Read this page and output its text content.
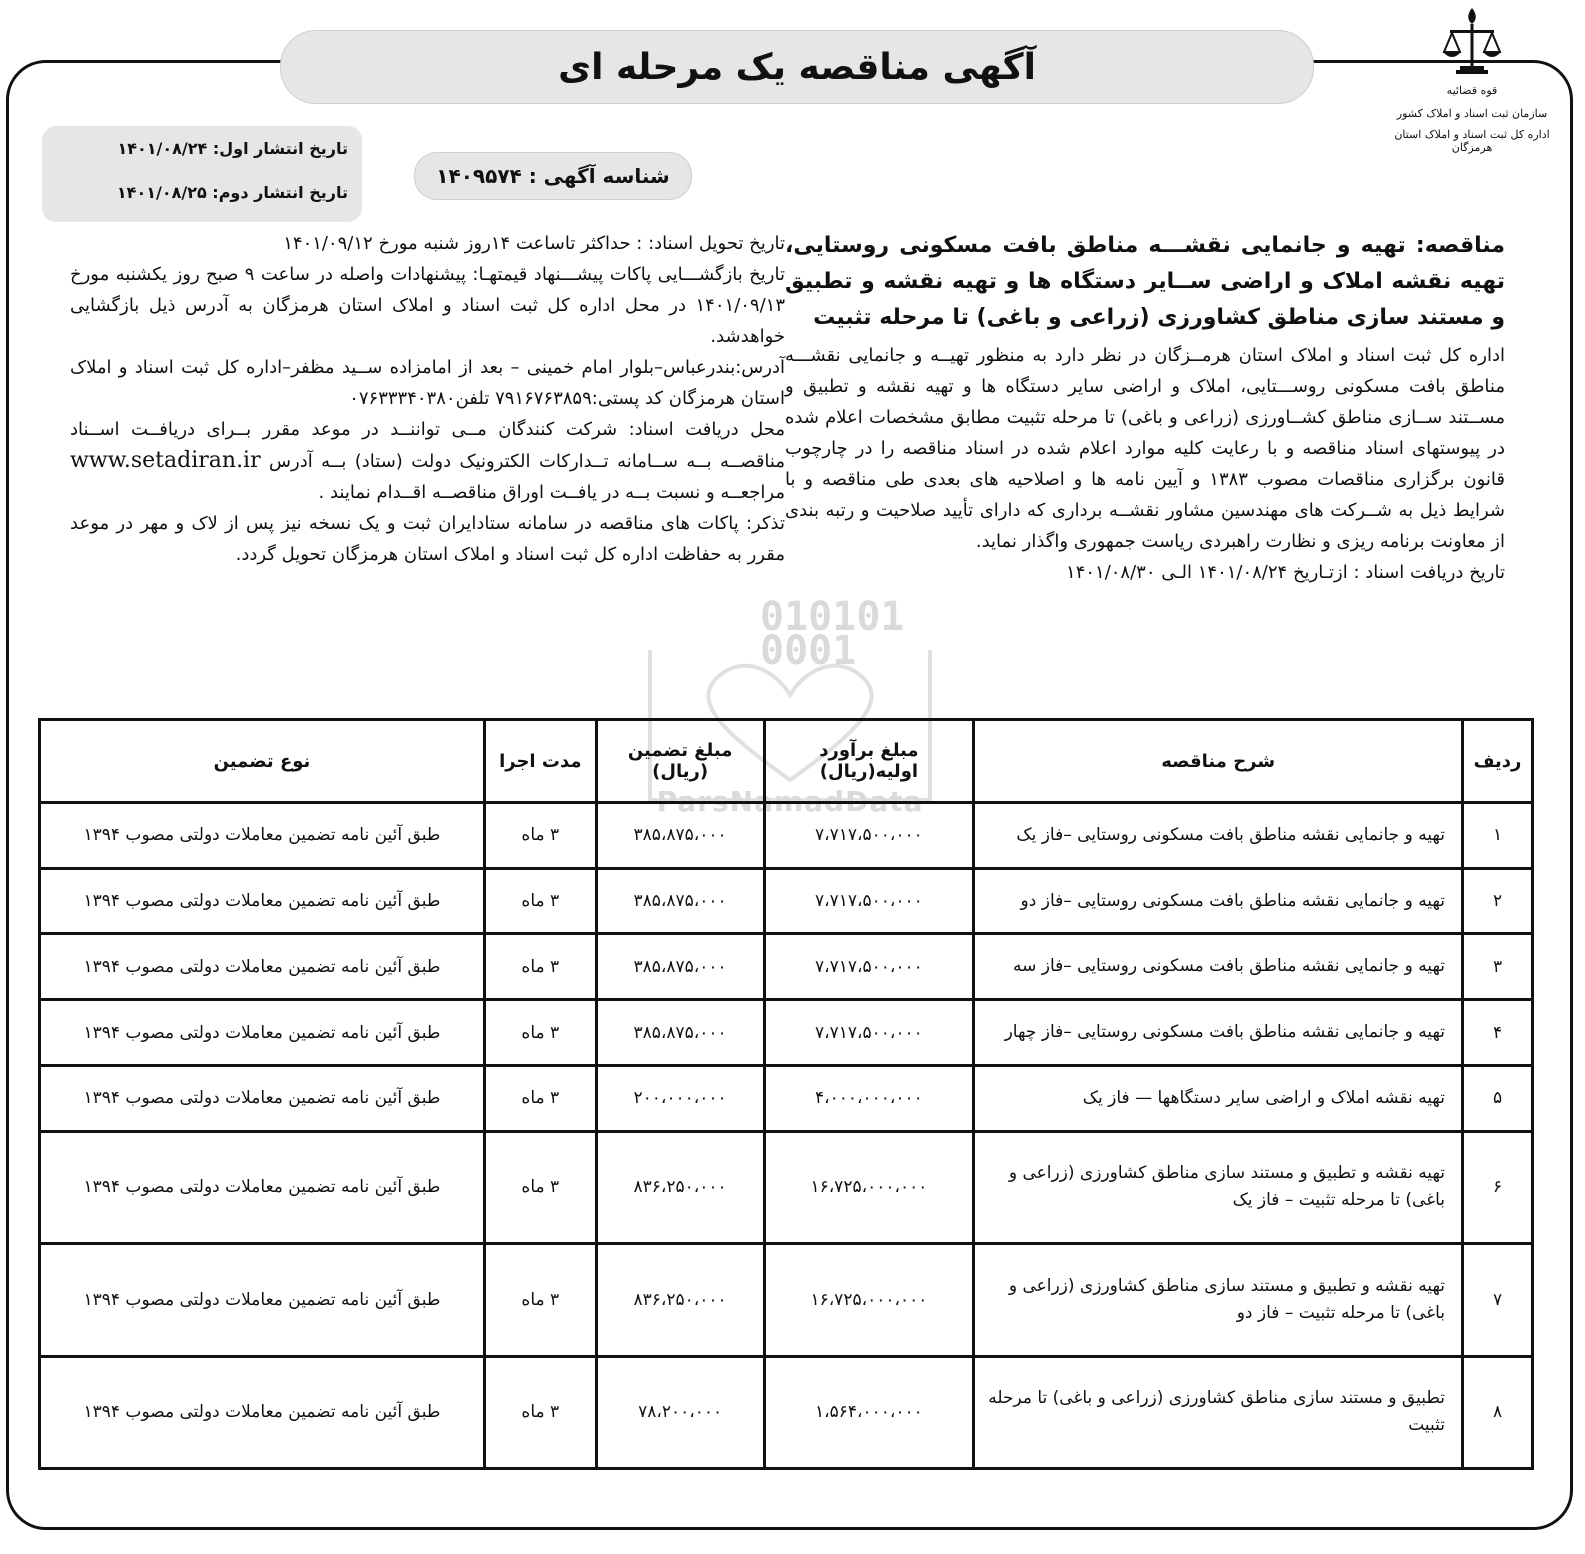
آگهی مناقصه یک مرحله ای
قوه قضائیه
سازمان ثبت اسناد و املاک کشور
اداره کل ثبت اسناد و املاک استان هرمزگان
تاریخ انتشار اول: ۱۴۰۱/۰۸/۲۴
تاریخ انتشار دوم: ۱۴۰۱/۰۸/۲۵
شناسه آگهی : ۱۴۰۹۵۷۴
مناقصه: تهیه و جانمایی نقشـــه مناطق بافت مسکونی روستایی، تهیه نقشه املاک و اراضی ســایر دستگاه ها و تهیه نقشه و تطبیق و مستند سازی مناطق کشاورزی (زراعی و باغی) تا مرحله تثبیت
اداره کل ثبت اسناد و املاک استان هرمــزگان در نظر دارد به منظور تهیــه و جانمایی نقشـــه مناطق بافت مسکونی روســـتایی، املاک و اراضی سایر دستگاه ها و تهیه نقشه و تطبیق و مســتند ســازی مناطق کشــاورزی (زراعی و باغی) تا مرحله تثبیت مطابق مشخصات اعلام شده در پیوستهای اسناد مناقصه و با رعایت کلیه موارد اعلام شده در اسناد مناقصه را در چارچوب قانون برگزاری مناقصات مصوب ۱۳۸۳ و آیین نامه ها و اصلاحیه های بعدی طی مناقصه و با شرایط ذیل به شــرکت های مهندسین مشاور نقشــه برداری که دارای تأیید صلاحیت و رتبه بندی از معاونت برنامه ریزی و نظارت راهبردی ریاست جمهوری واگذار نماید.
تاریخ دریافت اسناد : ازتـاریخ ۱۴۰۱/۰۸/۲۴ الـی ۱۴۰۱/۰۸/۳۰
تاریخ تحویل اسناد: : حداکثر تاساعت ۱۴روز شنبه مورخ ۱۴۰۱/۰۹/۱۲
تاریخ بازگشـــایی پاکات پیشـــنهاد قیمتهـا: پیشنهادات واصله در ساعت ۹ صبح روز یکشنبه مورخ ۱۴۰۱/۰۹/۱۳ در محل اداره کل ثبت اسناد و املاک استان هرمزگان به آدرس ذیل بازگشایی خواهدشد.
آدرس:بندرعباس–بلوار امام خمینی – بعد از امامزاده ســید مظفر–اداره کل ثبت اسناد و املاک استان هرمزگان کد پستی:۷۹۱۶۷۶۳۸۵۹ تلفن۰۷۶۳۳۳۴۰۳۸۰
محل دریافت اسناد: شرکت کنندگان مــی تواننــد در موعد مقرر بــرای دریافــت اســناد مناقصــه بــه ســامانه تــدارکات الکترونیک دولت (ستاد) بــه آدرس www.setadiran.ir مراجعــه و نسبت بــه در یافــت اوراق مناقصــه اقــدام نمایند .
تذکر: پاکات های مناقصه در سامانه ستادایران ثبت و یک نسخه نیز پس از لاک و مهر در موعد مقرر به حفاظت اداره کل ثبت اسناد و املاک استان هرمزگان تحویل گردد.
010101
0001
ParsNamadData
ردیف	شرح مناقصه	مبلغ برآورد اولیه(ریال)	مبلغ تضمین (ریال)	مدت اجرا	نوع تضمین
۱	تهیه و جانمایی نقشه مناطق بافت مسکونی روستایی –فاز یک	۷،۷۱۷،۵۰۰،۰۰۰	۳۸۵،۸۷۵،۰۰۰	۳ ماه	طبق آئین نامه تضمین معاملات دولتی مصوب ۱۳۹۴
۲	تهیه و جانمایی نقشه مناطق بافت مسکونی روستایی –فاز دو	۷،۷۱۷،۵۰۰،۰۰۰	۳۸۵،۸۷۵،۰۰۰	۳ ماه	طبق آئین نامه تضمین معاملات دولتی مصوب ۱۳۹۴
۳	تهیه و جانمایی نقشه مناطق بافت مسکونی روستایی –فاز سه	۷،۷۱۷،۵۰۰،۰۰۰	۳۸۵،۸۷۵،۰۰۰	۳ ماه	طبق آئین نامه تضمین معاملات دولتی مصوب ۱۳۹۴
۴	تهیه و جانمایی نقشه مناطق بافت مسکونی روستایی –فاز چهار	۷،۷۱۷،۵۰۰،۰۰۰	۳۸۵،۸۷۵،۰۰۰	۳ ماه	طبق آئین نامه تضمین معاملات دولتی مصوب ۱۳۹۴
۵	تهیه نقشه املاک و اراضی سایر دستگاهها — فاز یک	۴،۰۰۰،۰۰۰،۰۰۰	۲۰۰،۰۰۰،۰۰۰	۳ ماه	طبق آئین نامه تضمین معاملات دولتی مصوب ۱۳۹۴
۶	تهیه نقشه و تطبیق و مستند سازی مناطق کشاورزی (زراعی و باغی) تا مرحله تثبیت – فاز یک	۱۶،۷۲۵،۰۰۰،۰۰۰	۸۳۶،۲۵۰،۰۰۰	۳ ماه	طبق آئین نامه تضمین معاملات دولتی مصوب ۱۳۹۴
۷	تهیه نقشه و تطبیق و مستند سازی مناطق کشاورزی (زراعی و باغی) تا مرحله تثبیت – فاز دو	۱۶،۷۲۵،۰۰۰،۰۰۰	۸۳۶،۲۵۰،۰۰۰	۳ ماه	طبق آئین نامه تضمین معاملات دولتی مصوب ۱۳۹۴
۸	تطبیق و مستند سازی مناطق کشاورزی (زراعی و باغی) تا مرحله تثبیت	۱،۵۶۴،۰۰۰،۰۰۰	۷۸،۲۰۰،۰۰۰	۳ ماه	طبق آئین نامه تضمین معاملات دولتی مصوب ۱۳۹۴
